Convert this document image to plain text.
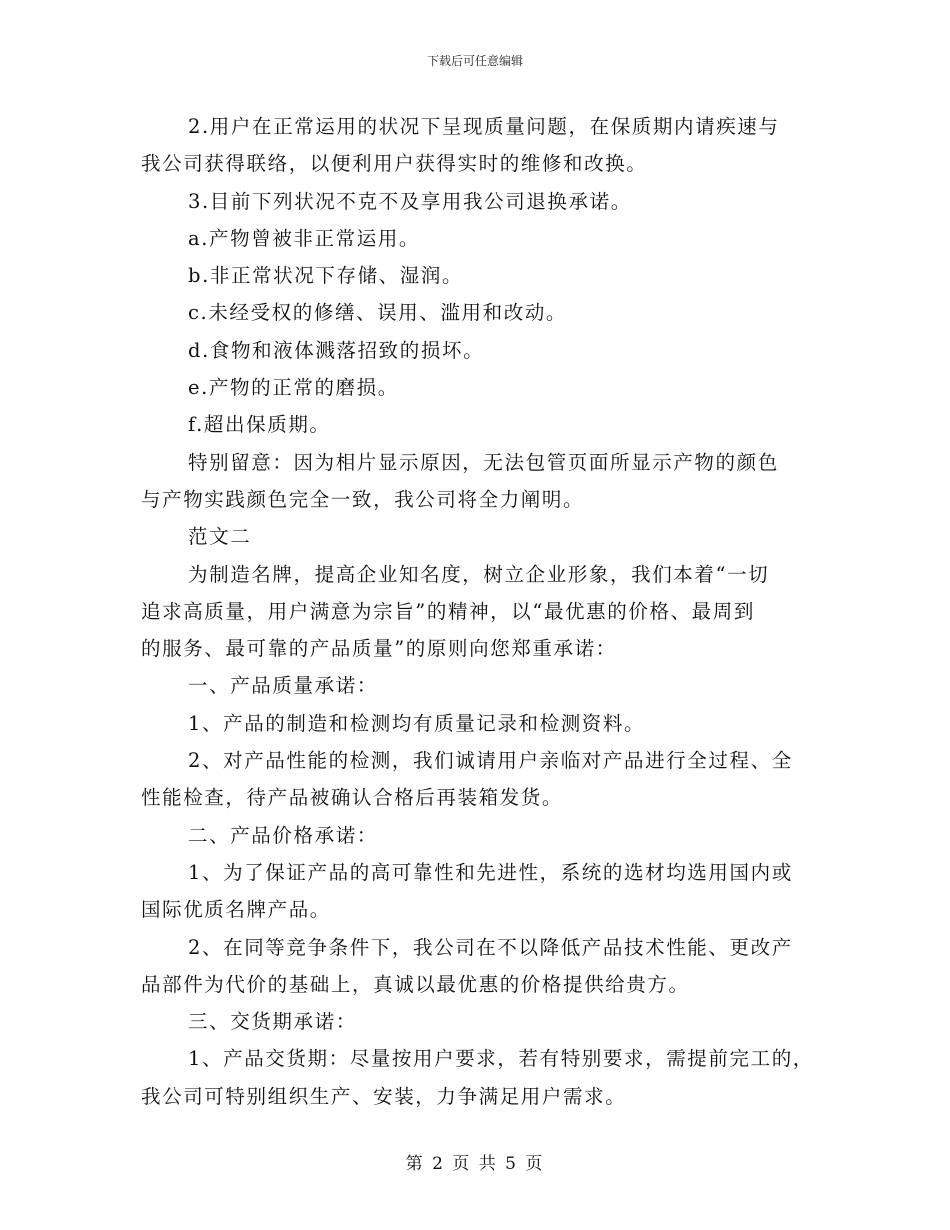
下载后可任意编辑

2.用户在正常运用的状况下呈现质量问题，在保质期内请疾速与
我公司获得联络，以便利用户获得实时的维修和改换。

3.目前下列状况不克不及享用我公司退换承诺。

a.产物曾被非正常运用。

b.非正常状况下存储、湿润。

c.未经受权的修缮、误用、滥用和改动。

d.食物和液体溅落招致的损坏。

e.产物的正常的磨损。

f.超出保质期。

特别留意：因为相片显示原因，无法包管页面所显示产物的颜色
与产物实践颜色完全一致，我公司将全力阐明。

范文二

为制造名牌，提高企业知名度，树立企业形象，我们本着“一切
追求高质量，用户满意为宗旨”的精神，以“最优惠的价格、最周到
的服务、最可靠的产品质量”的原则向您郑重承诺：

一、产品质量承诺：

1、产品的制造和检测均有质量记录和检测资料。

2、对产品性能的检测，我们诚请用户亲临对产品进行全过程、全
性能检查，待产品被确认合格后再装箱发货。

二、产品价格承诺：

1、为了保证产品的高可靠性和先进性，系统的选材均选用国内或
国际优质名牌产品。

2、在同等竞争条件下，我公司在不以降低产品技术性能、更改产
品部件为代价的基础上，真诚以最优惠的价格提供给贵方。

三、交货期承诺：

1、产品交货期：尽量按用户要求，若有特别要求，需提前完工的，
我公司可特别组织生产、安装，力争满足用户需求。

第 2 页 共 5 页
